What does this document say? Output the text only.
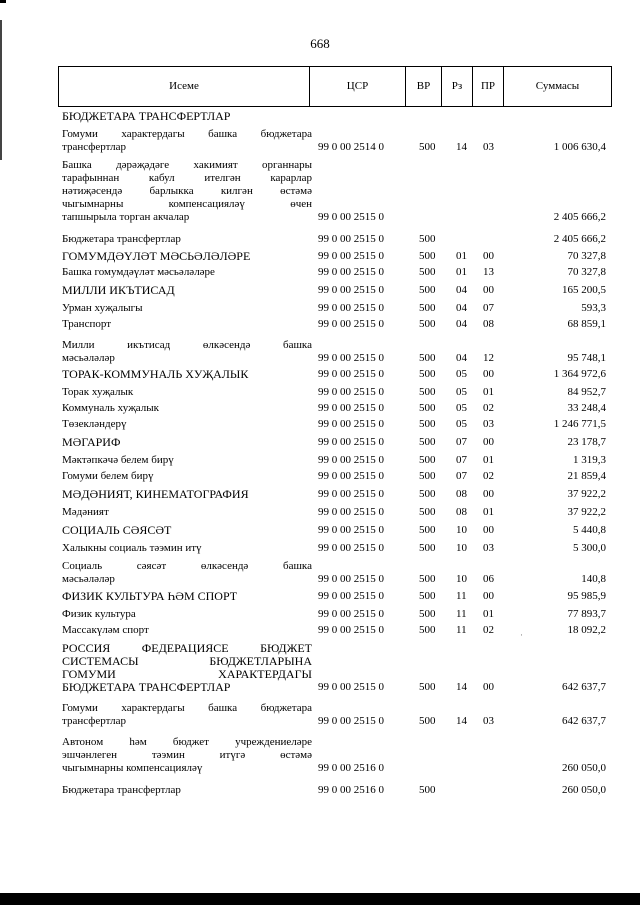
668
Исеме	ЦСР	ВР	Рз	ПР	Суммасы
БЮДЖЕТАРА ТРАНСФЕРТЛАР
Гомуми характердагы башка бюджетара
трансфертлар	99 0 00 2514 0	500 14 03	1 006 630,4
Башка дәрәҗәдәге хакимият органнары
тарафыннан кабул ителгән карарлар
нәтиҗәсендә барлыкка килгән өстәмә
чыгымнарны компенсацияләү өчен
тапшырыла торган акчалар	99 0 00 2515 0	2 405 666,2
Бюджетара трансфертлар	99 0 00 2515 0	500	2 405 666,2
ГОМУМДӘҮЛӘТ МӘСЬӘЛӘЛӘРЕ	99 0 00 2515 0	500 01 00	70 327,8
Башка гомумдәүләт мәсьәләләре	99 0 00 2515 0	500 01 13	70 327,8
МИЛЛИ ИКЪТИСАД	99 0 00 2515 0	500 04 00	165 200,5
Урман хуҗалыгы	99 0 00 2515 0	500 04 07	593,3
Транспорт	99 0 00 2515 0	500 04 08	68 859,1
Милли икътисад өлкәсендә башка
мәсьәләләр	99 0 00 2515 0	500 04 12	95 748,1
ТОРАК-КОММУНАЛЬ ХУҖАЛЫК	99 0 00 2515 0	500 05 00	1 364 972,6
Торак хуҗалык	99 0 00 2515 0	500 05 01	84 952,7
Коммуналь хуҗалык	99 0 00 2515 0	500 05 02	33 248,4
Төзекләндерү	99 0 00 2515 0	500 05 03	1 246 771,5
МӘГАРИФ	99 0 00 2515 0	500 07 00	23 178,7
Мәктәпкәчә белем бирү	99 0 00 2515 0	500 07 01	1 319,3
Гомуми белем бирү	99 0 00 2515 0	500 07 02	21 859,4
МӘДӘНИЯТ, КИНЕМАТОГРАФИЯ	99 0 00 2515 0	500 08 00	37 922,2
Мәдәният	99 0 00 2515 0	500 08 01	37 922,2
СОЦИАЛЬ СӘЯСӘТ	99 0 00 2515 0	500 10 00	5 440,8
Халыкны социаль тәэмин итү	99 0 00 2515 0	500 10 03	5 300,0
Социаль сәясәт өлкәсендә башка
мәсьәләләр	99 0 00 2515 0	500 10 06	140,8
ФИЗИК КУЛЬТУРА ҺӘМ СПОРТ	99 0 00 2515 0	500 11 00	95 985,9
Физик культура	99 0 00 2515 0	500 11 01	77 893,7
Массакүләм спорт	99 0 00 2515 0	500 11 02	18 092,2
РОССИЯ ФЕДЕРАЦИЯСЕ БЮДЖЕТ
СИСТЕМАСЫ БЮДЖЕТЛАРЫНА
ГОМУМИ ХАРАКТЕРДАГЫ
БЮДЖЕТАРА ТРАНСФЕРТЛАР	99 0 00 2515 0	500 14 00	642 637,7
Гомуми характердагы башка бюджетара
трансфертлар	99 0 00 2515 0	500 14 03	642 637,7
Автоном һәм бюджет учреждениеләре
эшчәнлеген тәэмин итүгә өстәмә
чыгымнарны компенсацияләү	99 0 00 2516 0	260 050,0
Бюджетара трансфертлар	99 0 00 2516 0	500	260 050,0
·
